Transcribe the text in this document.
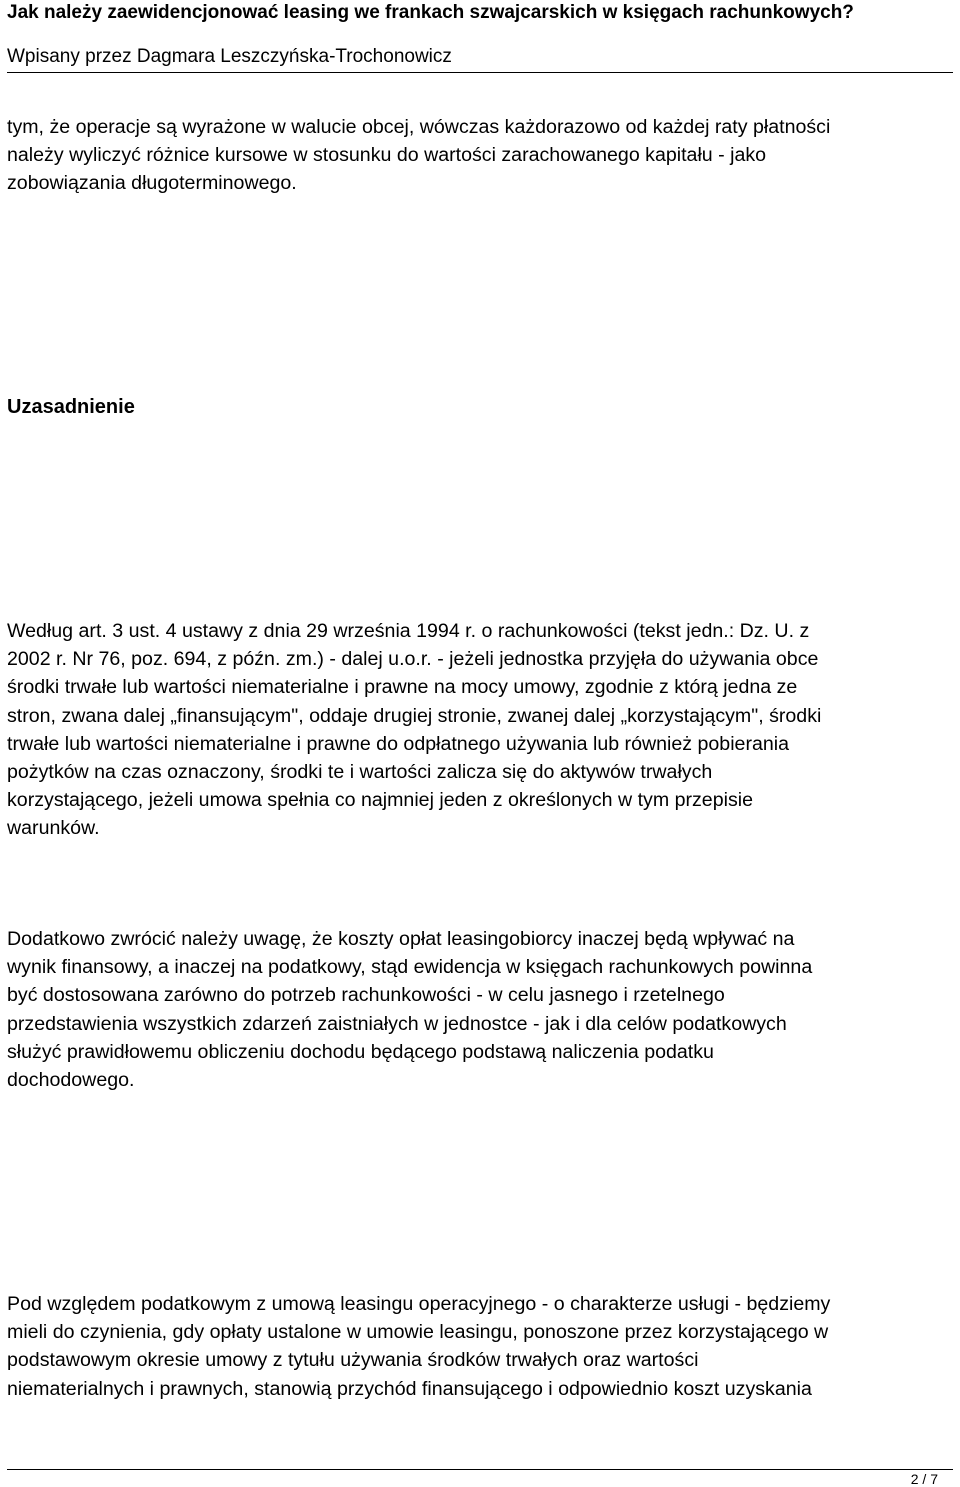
Jak należy zaewidencjonować leasing we frankach szwajcarskich w księgach rachunkowych?
Wpisany przez Dagmara Leszczyńska-Trochonowicz

tym, że operacje są wyrażone w walucie obcej, wówczas każdorazowo od każdej raty płatności
należy wyliczyć różnice kursowe w stosunku do wartości zarachowanego kapitału - jako
zobowiązania długoterminowego.

Uzasadnienie

Według art. 3 ust. 4 ustawy z dnia 29 września 1994 r. o rachunkowości (tekst jedn.: Dz. U. z
2002 r. Nr 76, poz. 694, z późn. zm.) - dalej u.o.r. - jeżeli jednostka przyjęła do używania obce
środki trwałe lub wartości niematerialne i prawne na mocy umowy, zgodnie z którą jedna ze
stron, zwana dalej „finansującym", oddaje drugiej stronie, zwanej dalej „korzystającym", środki
trwałe lub wartości niematerialne i prawne do odpłatnego używania lub również pobierania
pożytków na czas oznaczony, środki te i wartości zalicza się do aktywów trwałych
korzystającego, jeżeli umowa spełnia co najmniej jeden z określonych w tym przepisie
warunków.

Dodatkowo zwrócić należy uwagę, że koszty opłat leasingobiorcy inaczej będą wpływać na
wynik finansowy, a inaczej na podatkowy, stąd ewidencja w księgach rachunkowych powinna
być dostosowana zarówno do potrzeb rachunkowości - w celu jasnego i rzetelnego
przedstawienia wszystkich zdarzeń zaistniałych w jednostce - jak i dla celów podatkowych
służyć prawidłowemu obliczeniu dochodu będącego podstawą naliczenia podatku
dochodowego.

Pod względem podatkowym z umową leasingu operacyjnego - o charakterze usługi - będziemy
mieli do czynienia, gdy opłaty ustalone w umowie leasingu, ponoszone przez korzystającego w
podstawowym okresie umowy z tytułu używania środków trwałych oraz wartości
niematerialnych i prawnych, stanowią przychód finansującego i odpowiednio koszt uzyskania

2 / 7
